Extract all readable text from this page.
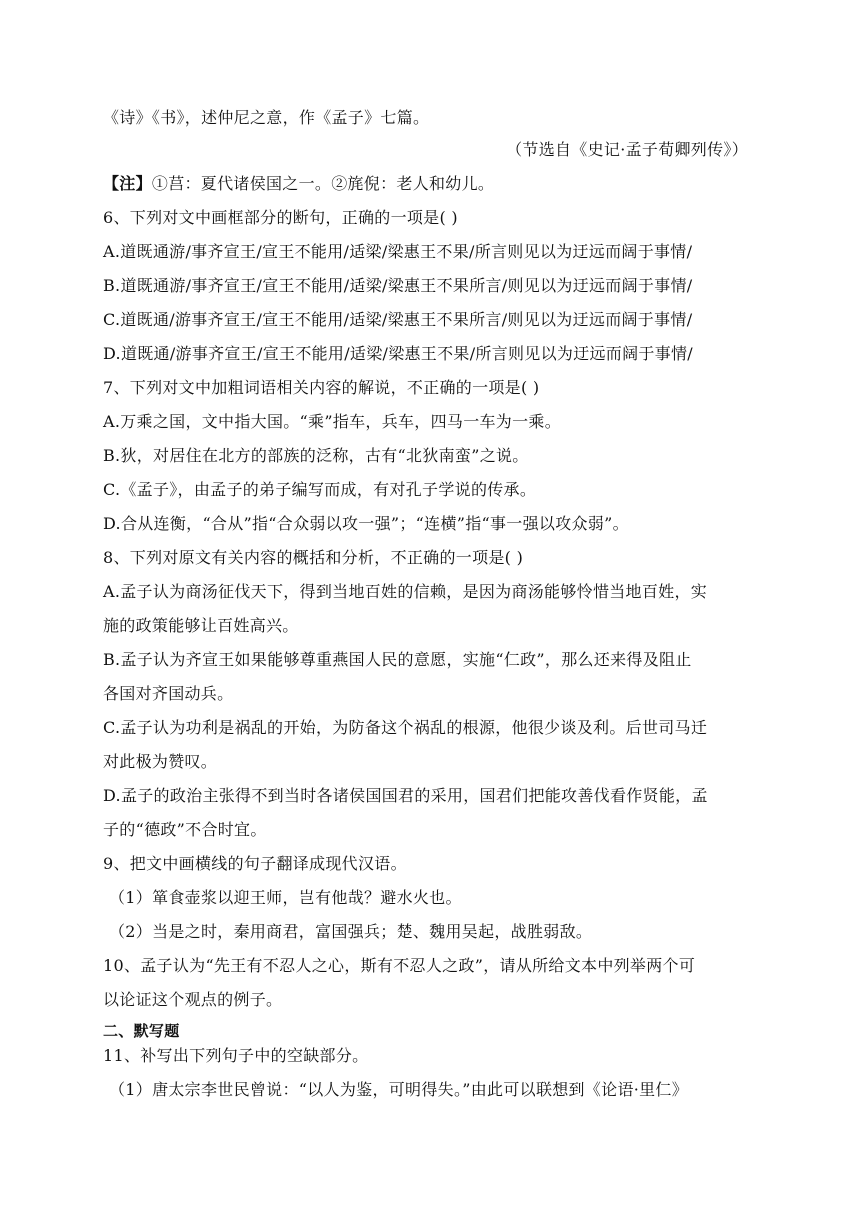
《诗》《书》，述仲尼之意，作《孟子》七篇。
（节选自《史记·孟子荀卿列传》）
【注】①莒：夏代诸侯国之一。②旄倪：老人和幼儿。
6、下列对文中画框部分的断句，正确的一项是( )
A.道既通游/事齐宣王/宣王不能用/适梁/梁惠王不果/所言则见以为迂远而阔于事情/
B.道既通游/事齐宣王/宣王不能用/适梁/梁惠王不果所言/则见以为迂远而阔于事情/
C.道既通/游事齐宣王/宣王不能用/适梁/梁惠王不果所言/则见以为迂远而阔于事情/
D.道既通/游事齐宣王/宣王不能用/适梁/梁惠王不果/所言则见以为迂远而阔于事情/
7、下列对文中加粗词语相关内容的解说，不正确的一项是( )
A.万乘之国，文中指大国。“乘”指车，兵车，四马一车为一乘。
B.狄，对居住在北方的部族的泛称，古有“北狄南蛮”之说。
C.《孟子》，由孟子的弟子编写而成，有对孔子学说的传承。
D.合从连衡，“合从”指“合众弱以攻一强”；“连横”指“事一强以攻众弱”。
8、下列对原文有关内容的概括和分析，不正确的一项是( )
A.孟子认为商汤征伐天下，得到当地百姓的信赖，是因为商汤能够怜惜当地百姓，实
施的政策能够让百姓高兴。
B.孟子认为齐宣王如果能够尊重燕国人民的意愿，实施“仁政”，那么还来得及阻止
各国对齐国动兵。
C.孟子认为功利是祸乱的开始，为防备这个祸乱的根源，他很少谈及利。后世司马迁
对此极为赞叹。
D.孟子的政治主张得不到当时各诸侯国国君的采用，国君们把能攻善伐看作贤能，孟
子的“德政”不合时宜。
9、把文中画横线的句子翻译成现代汉语。
（1）箪食壶浆以迎王师，岂有他哉？避水火也。
（2）当是之时，秦用商君，富国强兵；楚、魏用吴起，战胜弱敌。
10、孟子认为“先王有不忍人之心，斯有不忍人之政”，请从所给文本中列举两个可
以论证这个观点的例子。
二、默写题
11、补写出下列句子中的空缺部分。
（1）唐太宗李世民曾说：“以人为鉴，可明得失。”由此可以联想到《论语·里仁》
